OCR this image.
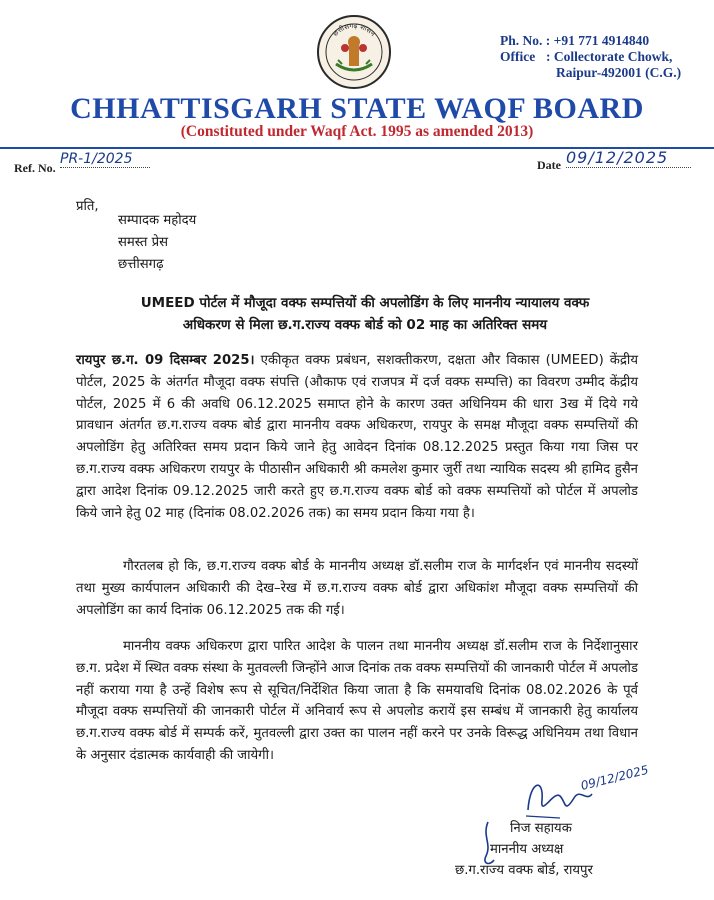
छत्तीसगढ़ शासन	Ph. No. : +91 771 4914840
Office : Collectorate Chowk,
Raipur-492001 (C.G.)
CHHATTISGARH STATE WAQF BOARD
(Constituted under Waqf Act. 1995 as amended 2013)
Ref. No.
PR-1/2025	Date 09/12/2025
प्रति,
सम्पादक महोदय
समस्त प्रेस
छत्तीसगढ़
UMEED पोर्टल में मौजूदा वक्फ सम्पत्तियों की अपलोडिंग के लिए माननीय न्यायालय वक्फ
अधिकरण से मिला छ.ग.राज्य वक्फ बोर्ड को 02 माह का अतिरिक्त समय

रायपुर छ.ग. 09 दिसम्बर 2025। एकीकृत वक्फ प्रबंधन, सशक्तीकरण, दक्षता और विकास (UMEED) केंद्रीय पोर्टल, 2025 के अंतर्गत मौजूदा वक्फ संपत्ति (औकाफ एवं राजपत्र में दर्ज वक्फ सम्पत्ति) का विवरण उम्मीद केंद्रीय पोर्टल, 2025 में 6 की अवधि 06.12.2025 समाप्त होने के कारण उक्त अधिनियम की धारा 3ख में दिये गये प्रावधान अंतर्गत छ.ग.राज्य वक्फ बोर्ड द्वारा माननीय वक्फ अधिकरण, रायपुर के समक्ष मौजूदा वक्फ सम्पत्तियों की अपलोडिंग हेतु अतिरिक्त समय प्रदान किये जाने हेतु आवेदन दिनांक 08.12.2025 प्रस्तुत किया गया जिस पर छ.ग.राज्य वक्फ अधिकरण रायपुर के पीठासीन अधिकारी श्री कमलेश कुमार जुर्री तथा न्यायिक सदस्य श्री हामिद हुसैन द्वारा आदेश दिनांक 09.12.2025 जारी करते हुए छ.ग.राज्य वक्फ बोर्ड को वक्फ सम्पत्तियों को पोर्टल में अपलोड किये जाने हेतु 02 माह (दिनांक 08.02.2026 तक) का समय प्रदान किया गया है।

गौरतलब हो कि, छ.ग.राज्य वक्फ बोर्ड के माननीय अध्यक्ष डॉ.सलीम राज के मार्गदर्शन एवं माननीय सदस्यों तथा मुख्य कार्यपालन अधिकारी की देख–रेख में छ.ग.राज्य वक्फ बोर्ड द्वारा अधिकांश मौजूदा वक्फ सम्पत्तियों की अपलोडिंग का कार्य दिनांक 06.12.2025 तक की गई।

माननीय वक्फ अधिकरण द्वारा पारित आदेश के पालन तथा माननीय अध्यक्ष डॉ.सलीम राज के निर्देशानुसार छ.ग. प्रदेश में स्थित वक्फ संस्था के मुतवल्ली जिन्होंने आज दिनांक तक वक्फ सम्पत्तियों की जानकारी पोर्टल में अपलोड नहीं कराया गया है उन्हें विशेष रूप से सूचित/निर्देशित किया जाता है कि समयावधि दिनांक 08.02.2026 के पूर्व मौजूदा वक्फ सम्पत्तियों की जानकारी पोर्टल में अनिवार्य रूप से अपलोड करायें इस सम्बंध में जानकारी हेतु कार्यालय छ.ग.राज्य वक्फ बोर्ड में सम्पर्क करें, मुतवल्ली द्वारा उक्त का पालन नहीं करने पर उनके विरूद्ध अधिनियम तथा विधान के अनुसार दंडात्मक कार्यवाही की जायेगी।

09/12/2025
निज सहायक
माननीय अध्यक्ष
छ.ग.राज्य वक्फ बोर्ड, रायपुर
